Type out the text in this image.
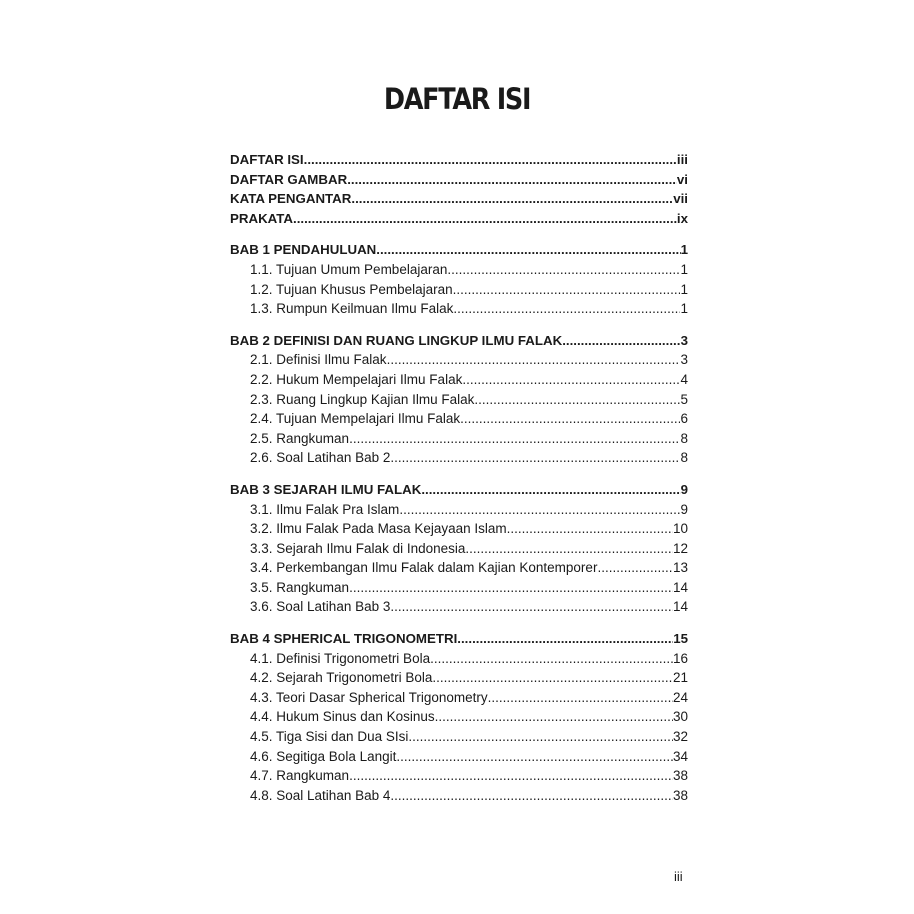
DAFTAR ISI
DAFTAR ISI .....	iii
DAFTAR GAMBAR .....	vi
KATA PENGANTAR .....	vii
PRAKATA .....	ix
BAB 1 PENDAHULUAN .....	1
1.1. Tujuan Umum Pembelajaran .....	1
1.2. Tujuan Khusus Pembelajaran .....	1
1.3. Rumpun Keilmuan Ilmu Falak .....	1
BAB 2 DEFINISI DAN RUANG LINGKUP ILMU FALAK .....	3
2.1. Definisi Ilmu Falak .....	3
2.2. Hukum Mempelajari Ilmu Falak .....	4
2.3. Ruang Lingkup Kajian Ilmu Falak .....	5
2.4. Tujuan Mempelajari Ilmu Falak .....	6
2.5. Rangkuman .....	8
2.6. Soal Latihan Bab 2 .....	8
BAB 3 SEJARAH ILMU FALAK .....	9
3.1. Ilmu Falak Pra Islam .....	9
3.2. Ilmu Falak Pada Masa Kejayaan Islam .....	10
3.3. Sejarah Ilmu Falak di Indonesia .....	12
3.4. Perkembangan Ilmu Falak dalam Kajian Kontemporer .....	13
3.5. Rangkuman .....	14
3.6. Soal Latihan Bab 3 .....	14
BAB 4 SPHERICAL TRIGONOMETRI .....	15
4.1. Definisi Trigonometri Bola .....	16
4.2. Sejarah Trigonometri Bola .....	21
4.3. Teori Dasar Spherical Trigonometry .....	24
4.4. Hukum Sinus dan Kosinus .....	30
4.5. Tiga Sisi dan Dua SIsi .....	32
4.6. Segitiga Bola Langit .....	34
4.7. Rangkuman .....	38
4.8. Soal Latihan Bab 4 .....	38
iii
